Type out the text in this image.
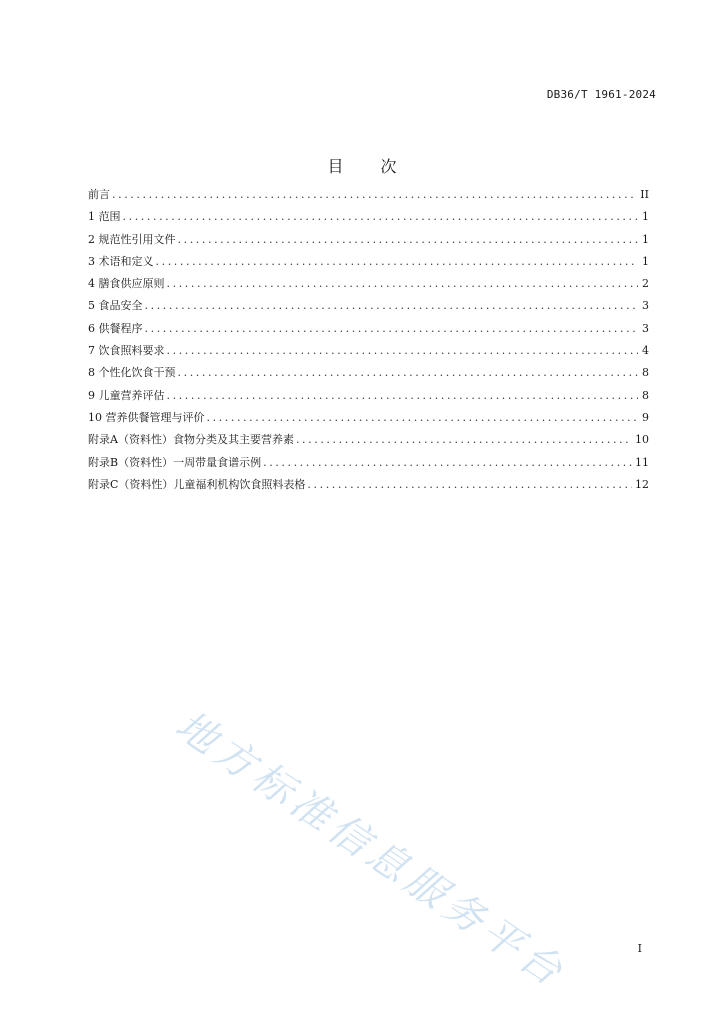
DB36/T 1961-2024
目 次
前言 .....	II
1 范围 .....	1
2 规范性引用文件 .....	1
3 术语和定义 .....	1
4 膳食供应原则 .....	2
5 食品安全 .....	3
6 供餐程序 .....	3
7 饮食照料要求 .....	4
8 个性化饮食干预 .....	8
9 儿童营养评估 .....	8
10 营养供餐管理与评价 .....	9
附录A（资料性）食物分类及其主要营养素 .....	10
附录B（资料性）一周带量食谱示例 .....	11
附录C（资料性）儿童福利机构饮食照料表格 .....	12
地方标准信息服务平台	I
